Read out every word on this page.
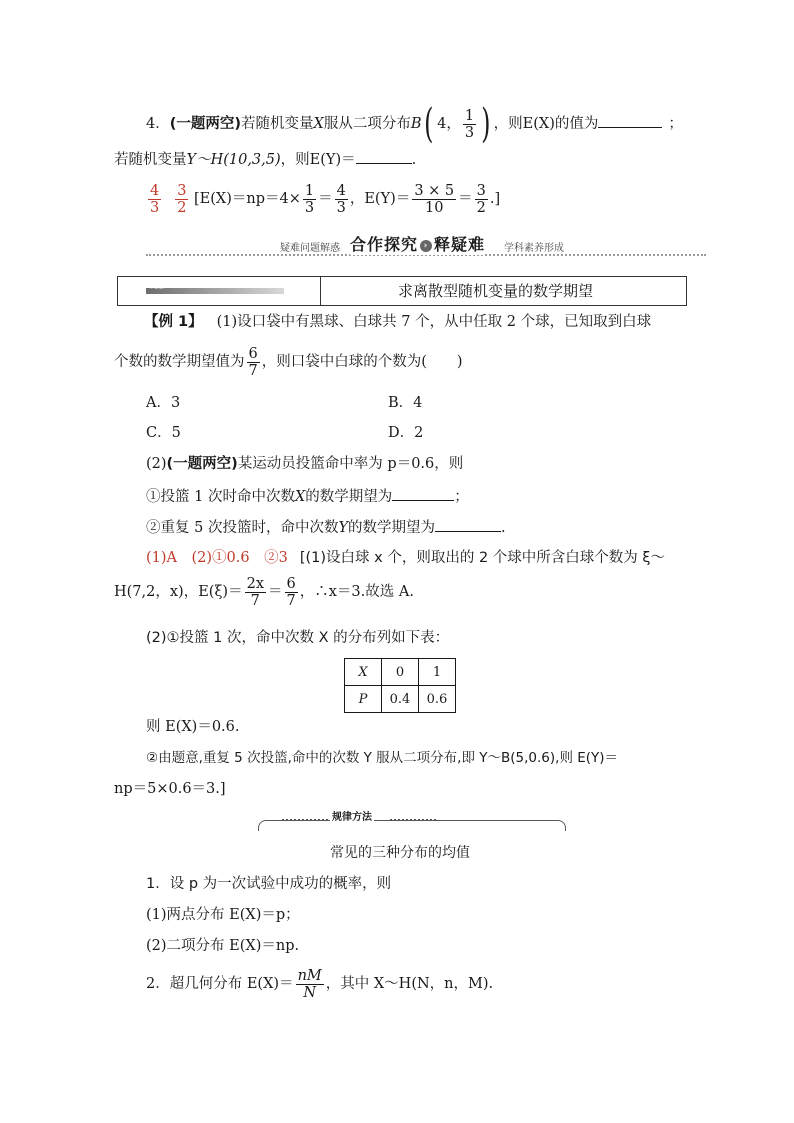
4．(一题两空)若随机变量X服从二项分布B( 4， $\frac{1}{3}$ ) ，则E(X)的值为	；
若随机变量Y～H(10,3,5)，则E(Y)＝	.
$\frac{4}{3} \frac{3}{2} [E(X)=np=4\times \frac{1}{3} = \frac{4}{3}$ ，$E(Y)= \frac{3 \times 5}{10} = \frac{3}{2}$ .]
疑难问题解惑 合作探究 › 释疑难 学科素养形成
类型1	求离散型随机变量的数学期望
【例 1】 (1)设口袋中有黑球、白球共 7 个，从中任取 2 个球，已知取到白球
个数的数学期望值为 $\frac{6}{7}$ ，则口袋中白球的个数为( )
A．3	B．4
C．5	D．2
(2)(一题两空)某运动员投篮命中率为 p＝0.6，则
①投篮 1 次时命中次数X的数学期望为	；
②重复 5 次投篮时，命中次数Y的数学期望为	.
(1)A　(2)①0.6　②3 [(1)设白球 x 个，则取出的 2 个球中所含白球个数为 ξ～
H(7,2，x)，$E(\xi)= \frac{2x}{7} = \frac{6}{7}$ ，∴x＝3.故选 A.
(2)①投篮 1 次，命中次数 X 的分布列如下表：
X	0	1
P	0.4	0.6
则 E(X)＝0.6.
②由题意,重复 5 次投篮,命中的次数 Y 服从二项分布,即 Y～B(5,0.6),则 E(Y)＝
np＝5×0.6＝3.]
规律方法
常见的三种分布的均值
1．设 p 为一次试验中成功的概率，则
(1)两点分布 E(X)＝p；
(2)二项分布 E(X)＝np.
2．超几何分布 $E(X)= \frac{nM}{N}$ ，其中 X～H(N，n，M).
